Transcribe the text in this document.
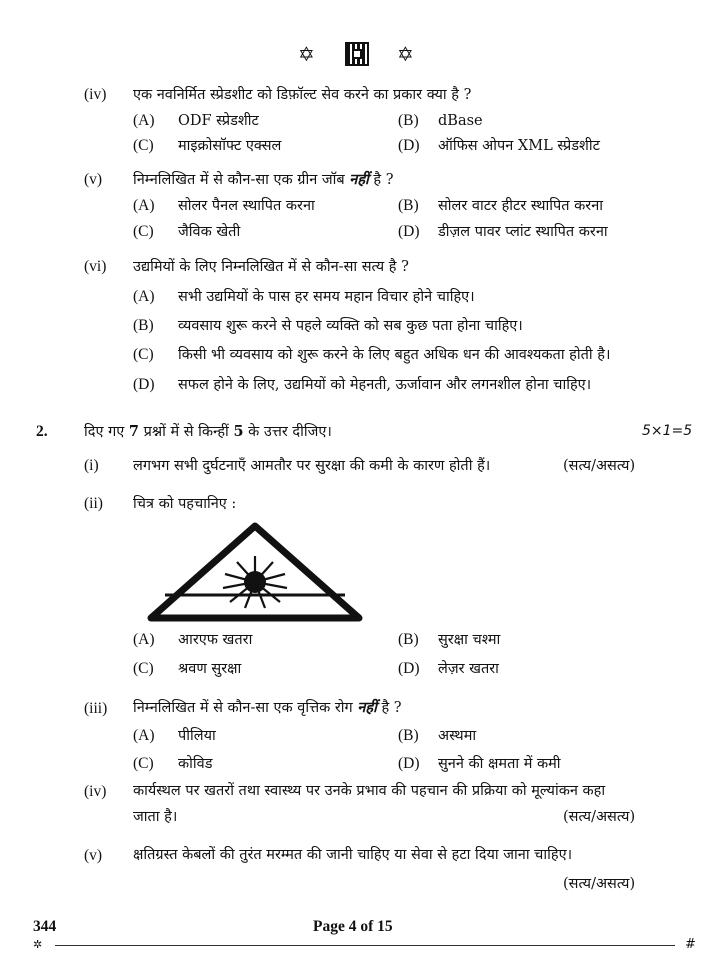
✡	✡
(iv) एक नवनिर्मित स्प्रेडशीट को डिफ़ॉल्ट सेव करने का प्रकार क्या है ?
(A) ODF स्प्रेडशीट	(B) dBase
(C) माइक्रोसॉफ्ट एक्सल	(D) ऑफिस ओपन XML स्प्रेडशीट
(v) निम्नलिखित में से कौन-सा एक ग्रीन जॉब नहीं है ?
(A) सोलर पैनल स्थापित करना	(B) सोलर वाटर हीटर स्थापित करना
(C) जैविक खेती	(D) डीज़ल पावर प्लांट स्थापित करना
(vi) उद्यमियों के लिए निम्नलिखित में से कौन-सा सत्य है ?
(A) सभी उद्यमियों के पास हर समय महान विचार होने चाहिए।
(B) व्यवसाय शुरू करने से पहले व्यक्ति को सब कुछ पता होना चाहिए।
(C) किसी भी व्यवसाय को शुरू करने के लिए बहुत अधिक धन की आवश्यकता होती है।
(D) सफल होने के लिए, उद्यमियों को मेहनती, ऊर्जावान और लगनशील होना चाहिए।
2.	दिए गए 7 प्रश्नों में से किन्हीं 5 के उत्तर दीजिए।	5×1=5
(i) लगभग सभी दुर्घटनाएँ आमतौर पर सुरक्षा की कमी के कारण होती हैं।	(सत्य/असत्य)
(ii) चित्र को पहचानिए :
(A) आरएफ खतरा	(B) सुरक्षा चश्मा
(C) श्रवण सुरक्षा	(D) लेज़र खतरा
(iii) निम्नलिखित में से कौन-सा एक वृत्तिक रोग नहीं है ?
(A) पीलिया	(B) अस्थमा
(C) कोविड	(D) सुनने की क्षमता में कमी
(iv) कार्यस्थल पर खतरों तथा स्वास्थ्य पर उनके प्रभाव की पहचान की प्रक्रिया को मूल्यांकन कहा
जाता है।	(सत्य/असत्य)
(v) क्षतिग्रस्त केबलों की तुरंत मरम्मत की जानी चाहिए या सेवा से हटा दिया जाना चाहिए।
(सत्य/असत्य)
344	Page 4 of 15
✲	#
